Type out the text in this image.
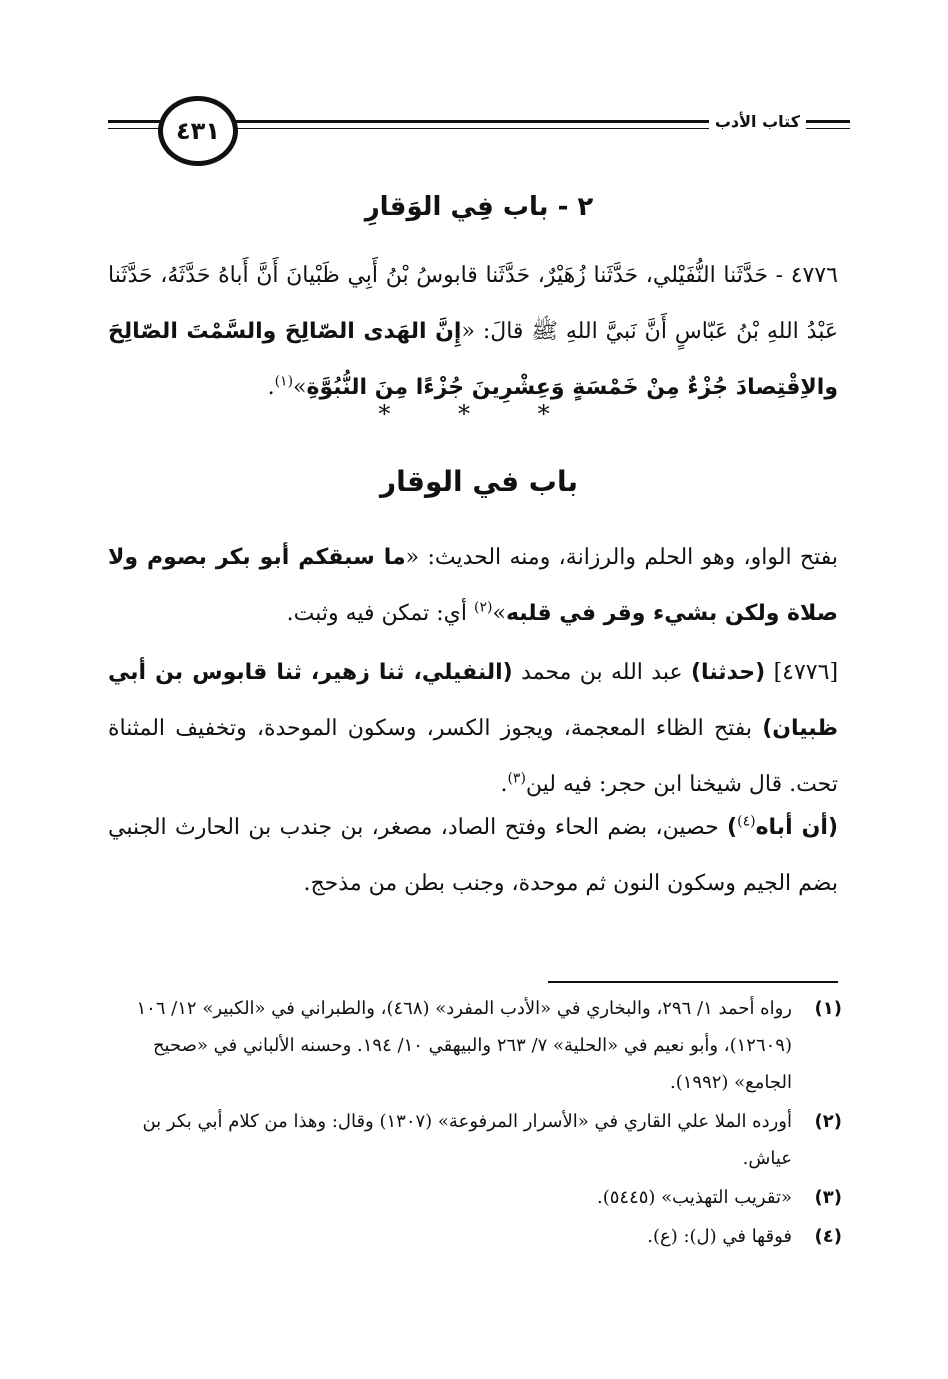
٤٣١	كتاب الأدب
٢ - باب فِي الوَقارِ
٤٧٧٦ - حَدَّثَنا النُّفَيْلي، حَدَّثَنا زُهَيْرٌ، حَدَّثَنا قابوسُ بْنُ أَبِي ظَبْيانَ أَنَّ أَباهُ حَدَّثَهُ، حَدَّثَنا عَبْدُ اللهِ بْنُ عَبّاسٍ أَنَّ نَبيَّ اللهِ ﷺ قالَ: «إِنَّ الهَدى الصّالِحَ والسَّمْتَ الصّالِحَ والاِقْتِصادَ جُزْءٌ مِنْ خَمْسَةٍ وَعِشْرِينَ جُزْءًا مِنَ النُّبُوَّةِ»$^{(١)}$.
* * *
باب في الوقار
بفتح الواو، وهو الحلم والرزانة، ومنه الحديث: «ما سبقكم أبو بكر بصوم ولا صلاة ولكن بشيء وقر في قلبه»$^{(٢)}$ أي: تمكن فيه وثبت.
[٤٧٧٦] (حدثنا) عبد الله بن محمد (النفيلي، ثنا زهير، ثنا قابوس بن أبي ظبيان) بفتح الظاء المعجمة، ويجوز الكسر، وسكون الموحدة، وتخفيف المثناة تحت. قال شيخنا ابن حجر: فيه لين$^{(٣)}$.
(أن أباه$^{(٤)}$) حصين، بضم الحاء وفتح الصاد، مصغر، بن جندب بن الحارث الجنبي بضم الجيم وسكون النون ثم موحدة، وجنب بطن من مذحج.
(١)
رواه أحمد ١/ ٢٩٦، والبخاري في «الأدب المفرد» (٤٦٨)، والطبراني في «الكبير» ١٢/ ١٠٦ (١٢٦٠٩)، وأبو نعيم في «الحلية» ٧/ ٢٦٣ والبيهقي ١٠/ ١٩٤. وحسنه الألباني في «صحيح الجامع» (١٩٩٢).
(٢)
أورده الملا علي القاري في «الأسرار المرفوعة» (١٣٠٧) وقال: وهذا من كلام أبي بكر بن عياش.
(٣)
«تقريب التهذيب» (٥٤٤٥).
(٤)
فوقها في (ل): (ع).
